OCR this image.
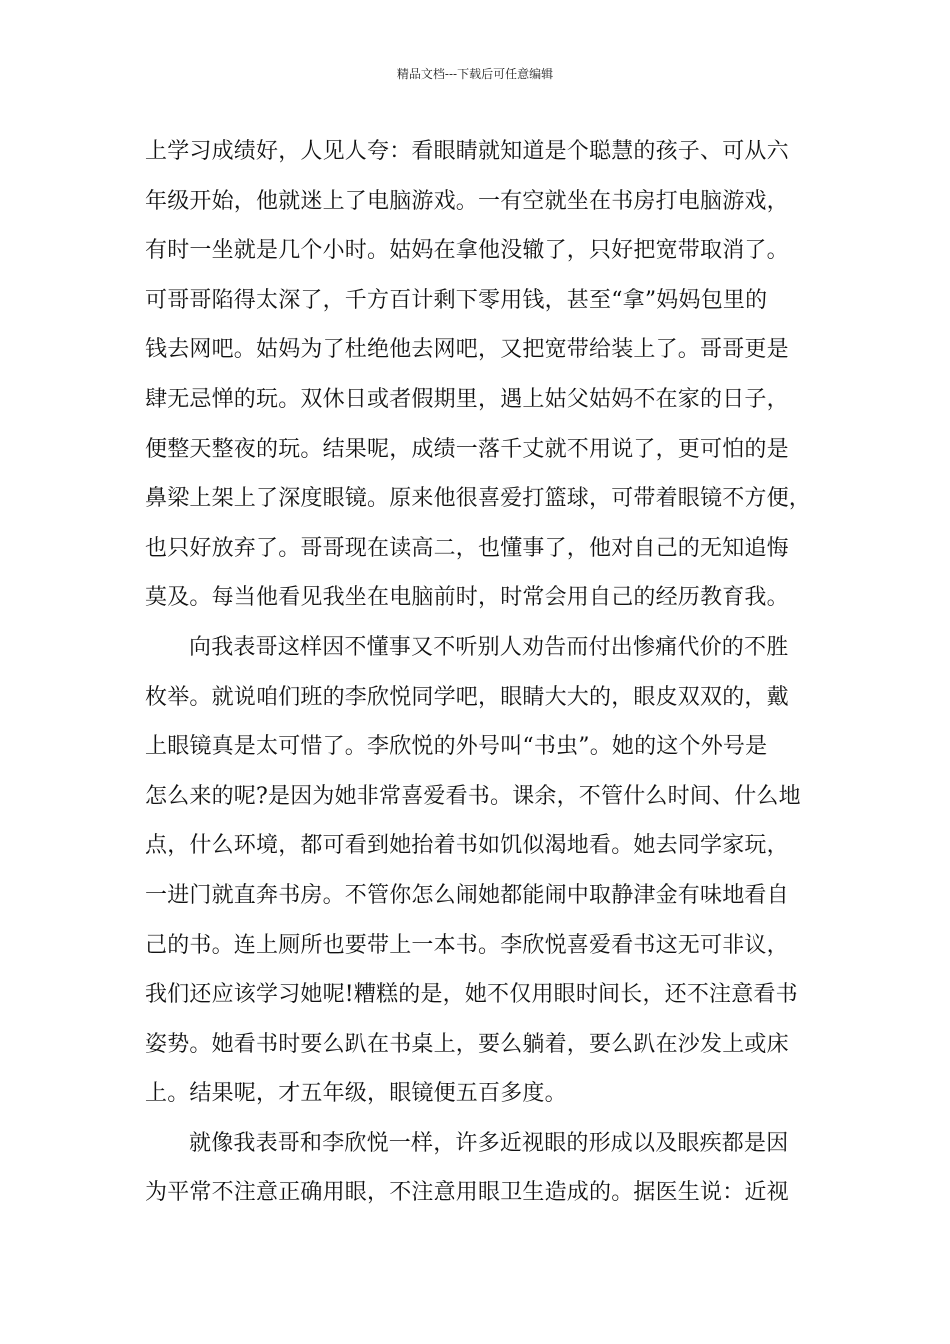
精品文档---下载后可任意编辑
上学习成绩好，人见人夸：看眼睛就知道是个聪慧的孩子、可从六
年级开始，他就迷上了电脑游戏。一有空就坐在书房打电脑游戏，
有时一坐就是几个小时。姑妈在拿他没辙了，只好把宽带取消了。
可哥哥陷得太深了，千方百计剩下零用钱，甚至“拿”妈妈包里的
钱去网吧。姑妈为了杜绝他去网吧，又把宽带给装上了。哥哥更是
肆无忌惮的玩。双休日或者假期里，遇上姑父姑妈不在家的日子，
便整天整夜的玩。结果呢，成绩一落千丈就不用说了，更可怕的是
鼻梁上架上了深度眼镜。原来他很喜爱打篮球，可带着眼镜不方便，
也只好放弃了。哥哥现在读高二，也懂事了，他对自己的无知追悔
莫及。每当他看见我坐在电脑前时，时常会用自己的经历教育我。
向我表哥这样因不懂事又不听别人劝告而付出惨痛代价的不胜
枚举。就说咱们班的李欣悦同学吧，眼睛大大的，眼皮双双的，戴
上眼镜真是太可惜了。李欣悦的外号叫“书虫”。她的这个外号是
怎么来的呢?是因为她非常喜爱看书。课余，不管什么时间、什么地
点，什么环境，都可看到她抬着书如饥似渴地看。她去同学家玩，
一进门就直奔书房。不管你怎么闹她都能闹中取静津金有味地看自
己的书。连上厕所也要带上一本书。李欣悦喜爱看书这无可非议，
我们还应该学习她呢!糟糕的是，她不仅用眼时间长，还不注意看书
姿势。她看书时要么趴在书桌上，要么躺着，要么趴在沙发上或床
上。结果呢，才五年级，眼镜便五百多度。
就像我表哥和李欣悦一样，许多近视眼的形成以及眼疾都是因
为平常不注意正确用眼，不注意用眼卫生造成的。据医生说：近视
